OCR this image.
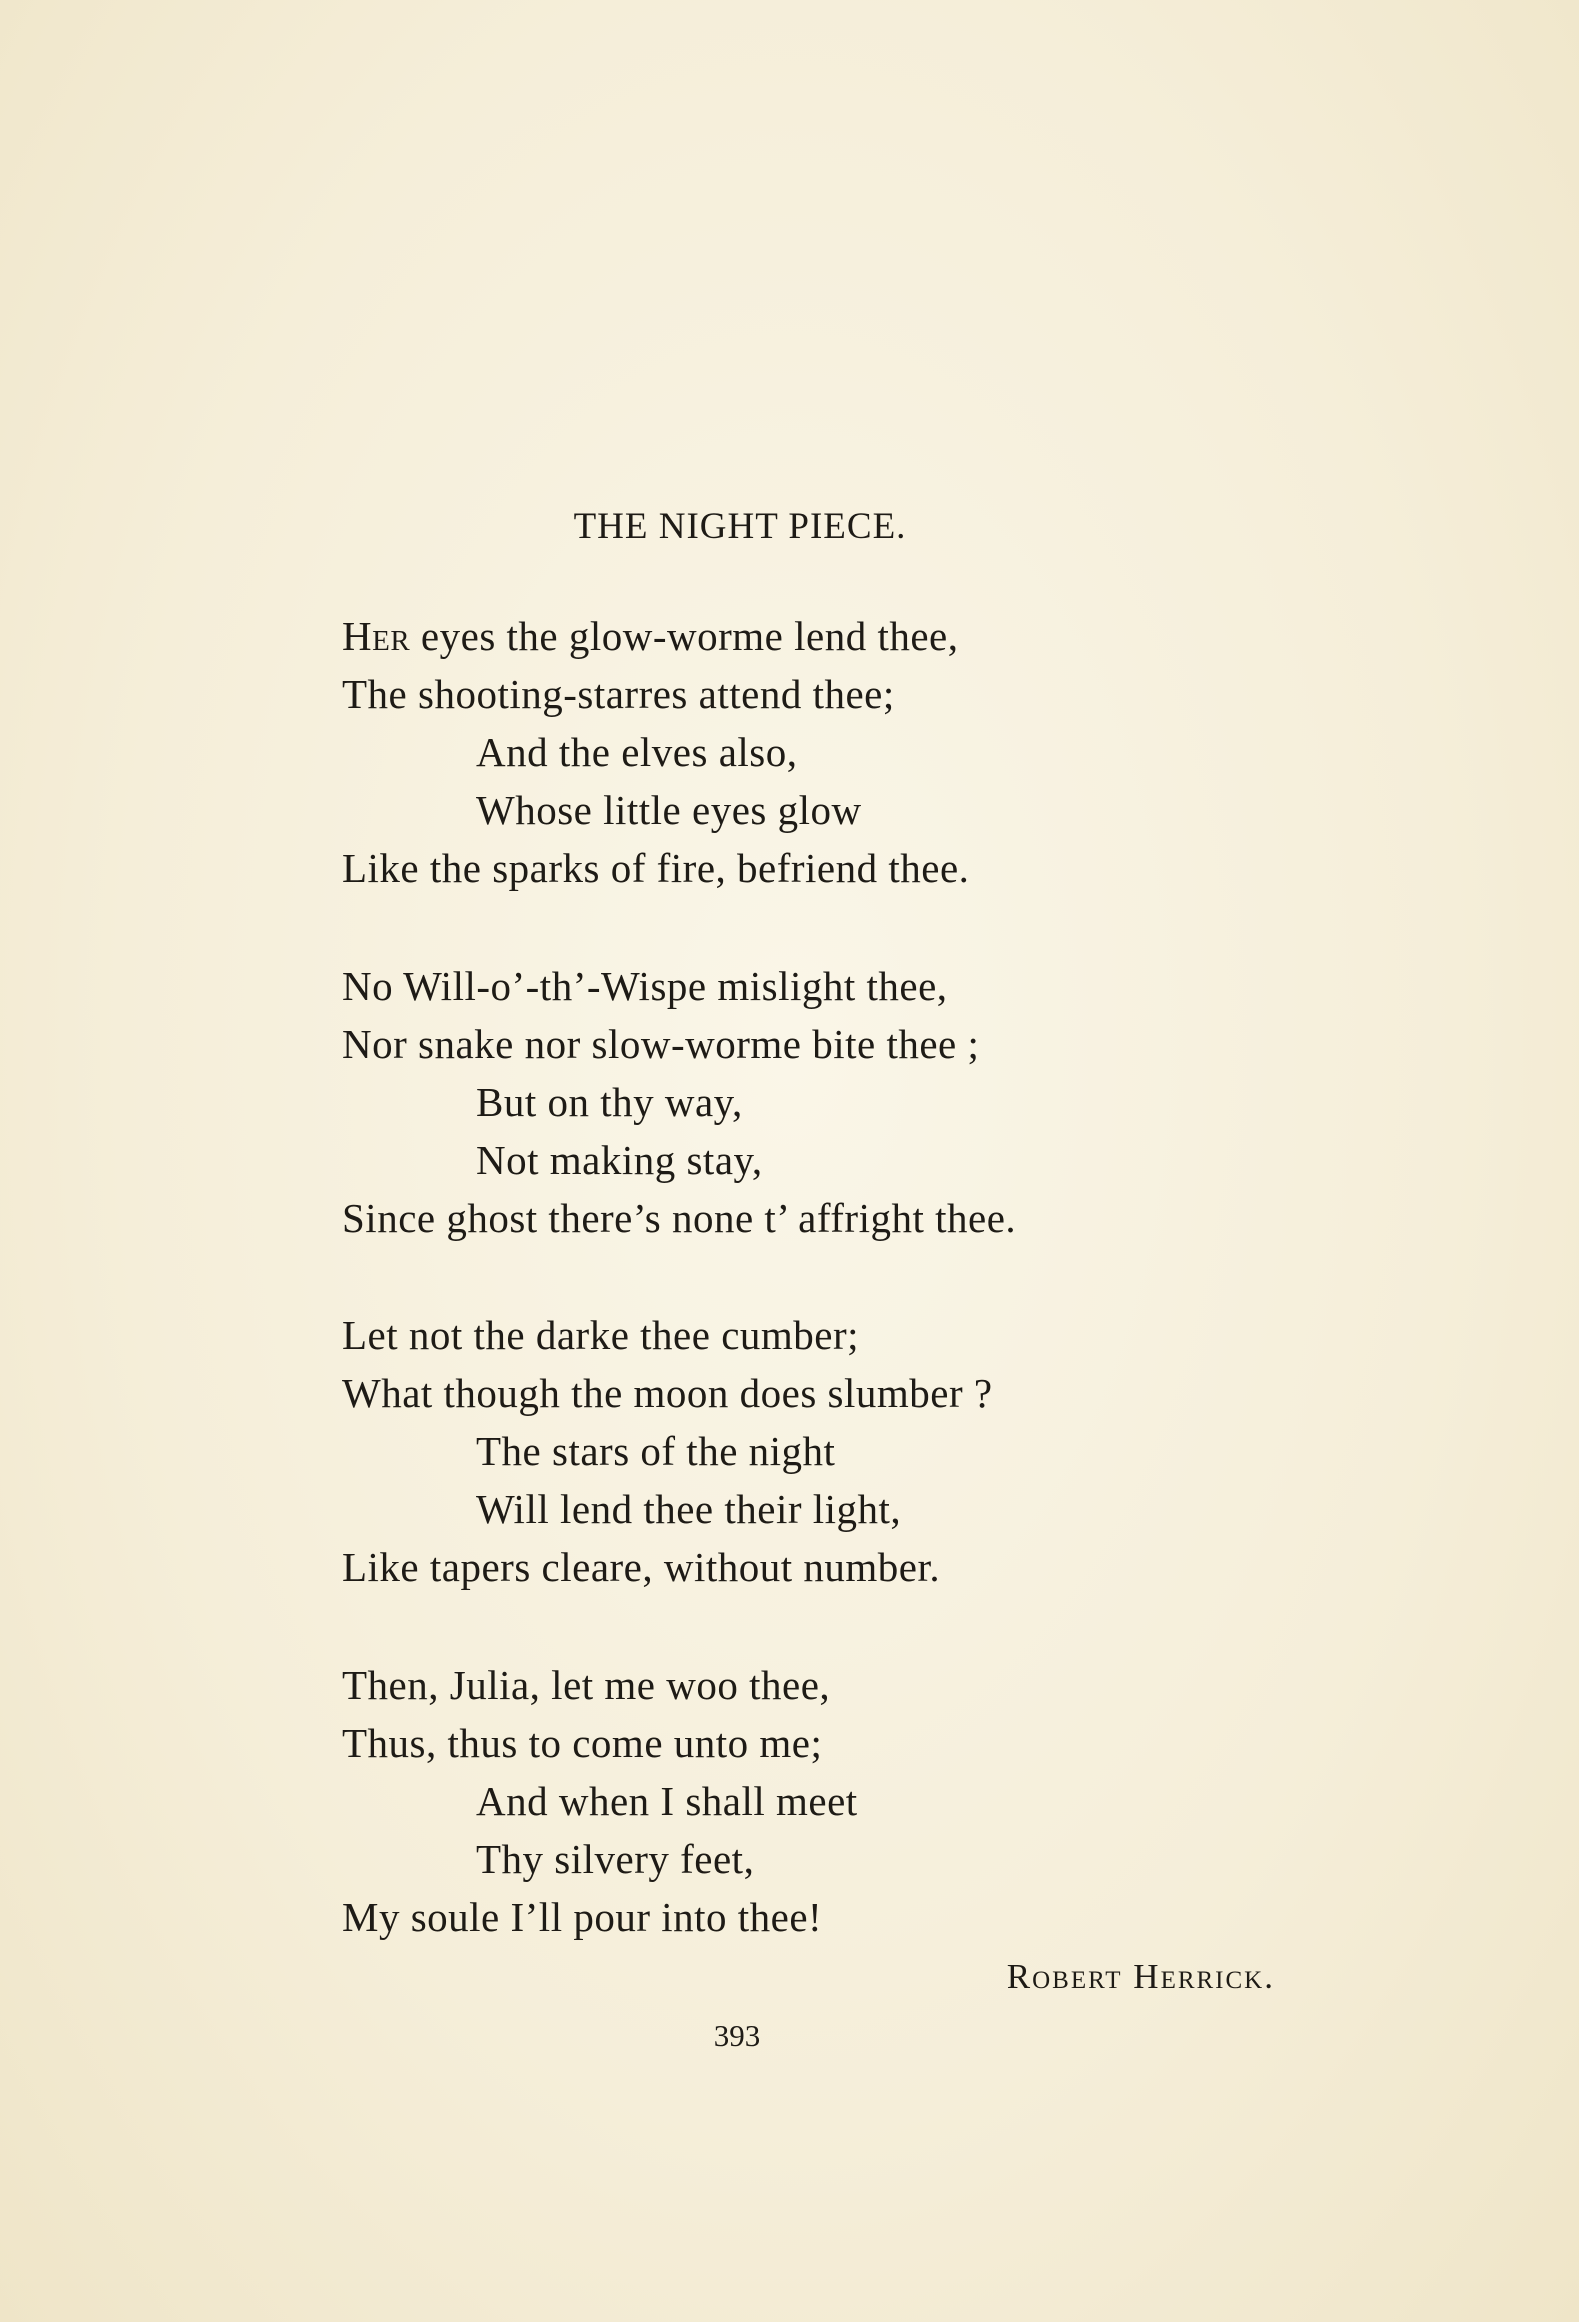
THE NIGHT PIECE.
Her eyes the glow-worme lend thee,
The shooting-starres attend thee;
And the elves also,
Whose little eyes glow
Like the sparks of fire, befriend thee.
No Will-o’-th’-Wispe mislight thee,
Nor snake nor slow-worme bite thee ;
But on thy way,
Not making stay,
Since ghost there’s none t’ affright thee.
Let not the darke thee cumber;
What though the moon does slumber ?
The stars of the night
Will lend thee their light,
Like tapers cleare, without number.
Then, Julia, let me woo thee,
Thus, thus to come unto me;
And when I shall meet
Thy silvery feet,
My soule I’ll pour into thee!
Robert Herrick.
393
